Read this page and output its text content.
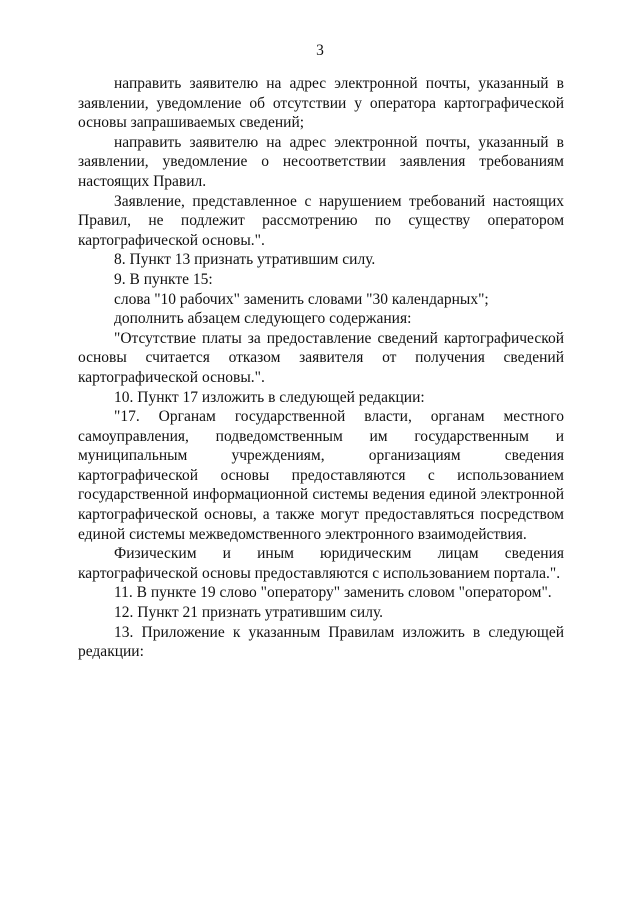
3

направить заявителю на адрес электронной почты, указанный в заявлении, уведомление об отсутствии у оператора картографической основы запрашиваемых сведений;

направить заявителю на адрес электронной почты, указанный в заявлении, уведомление о несоответствии заявления требованиям настоящих Правил.

Заявление, представленное с нарушением требований настоящих Правил, не подлежит рассмотрению по существу оператором картографической основы.".

8. Пункт 13 признать утратившим силу.

9. В пункте 15:

слова "10 рабочих" заменить словами "30 календарных";

дополнить абзацем следующего содержания:

"Отсутствие платы за предоставление сведений картографической основы считается отказом заявителя от получения сведений картографической основы.".

10. Пункт 17 изложить в следующей редакции:

"17. Органам государственной власти, органам местного самоуправления, подведомственным им государственным и муниципальным учреждениям, организациям сведения картографической основы предоставляются с использованием государственной информационной системы ведения единой электронной картографической основы, а также могут предоставляться посредством единой системы межведомственного электронного взаимодействия.

Физическим и иным юридическим лицам сведения картографической основы предоставляются с использованием портала.".

11. В пункте 19 слово "оператору" заменить словом "оператором".

12. Пункт 21 признать утратившим силу.

13. Приложение к указанным Правилам изложить в следующей редакции:
